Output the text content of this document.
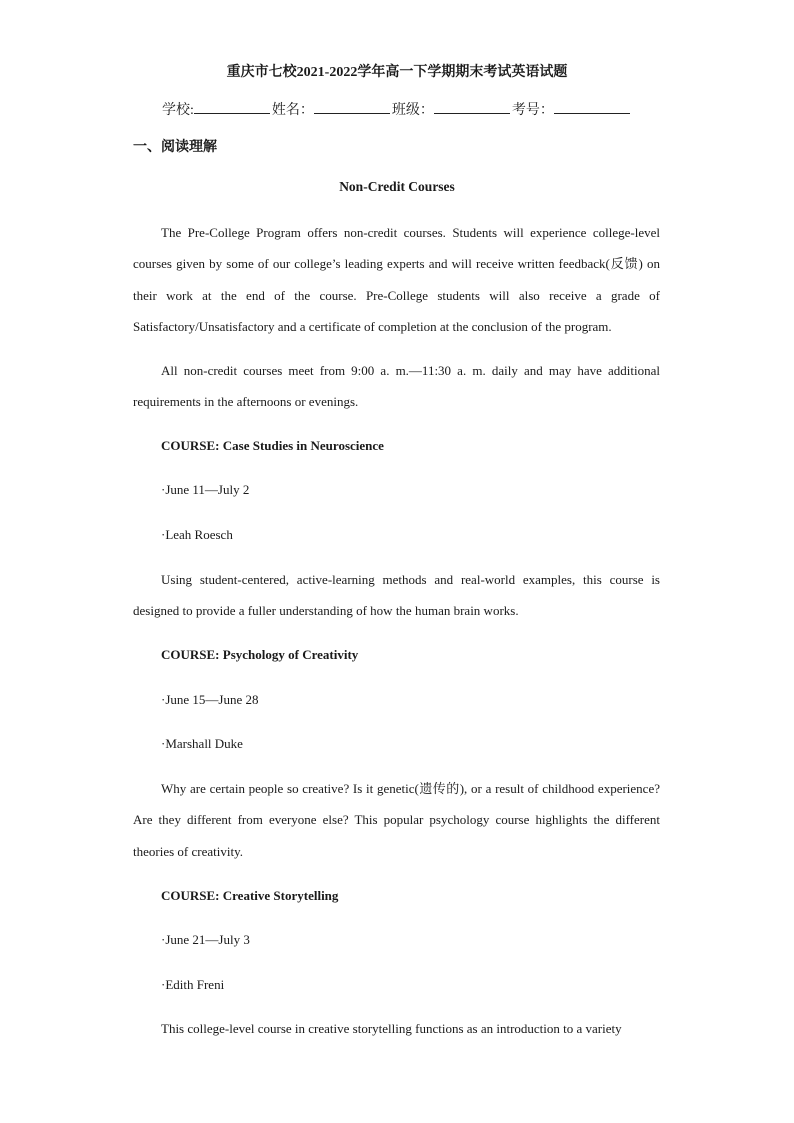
重庆市七校2021-2022学年高一下学期期末考试英语试题
学校:	姓名：	班级：	考号：
一、阅读理解
Non-Credit Courses

The Pre-College Program offers non-credit courses. Students will experience college-level courses given by some of our college’s leading experts and will receive written feedback(反馈) on their work at the end of the course. Pre-College students will also receive a grade of Satisfactory/Unsatisfactory and a certificate of completion at the conclusion of the program.

All non-credit courses meet from 9:00 a. m.—11:30 a. m. daily and may have additional requirements in the afternoons or evenings.

COURSE: Case Studies in Neuroscience
·June 11—July 2
·Leah Roesch

Using student-centered, active-learning methods and real-world examples, this course is designed to provide a fuller understanding of how the human brain works.

COURSE: Psychology of Creativity
·June 15—June 28
·Marshall Duke

Why are certain people so creative? Is it genetic(遗传的), or a result of childhood experience? Are they different from everyone else? This popular psychology course highlights the different theories of creativity.

COURSE: Creative Storytelling
·June 21—July 3
·Edith Freni

This college-level course in creative storytelling functions as an introduction to a variety
